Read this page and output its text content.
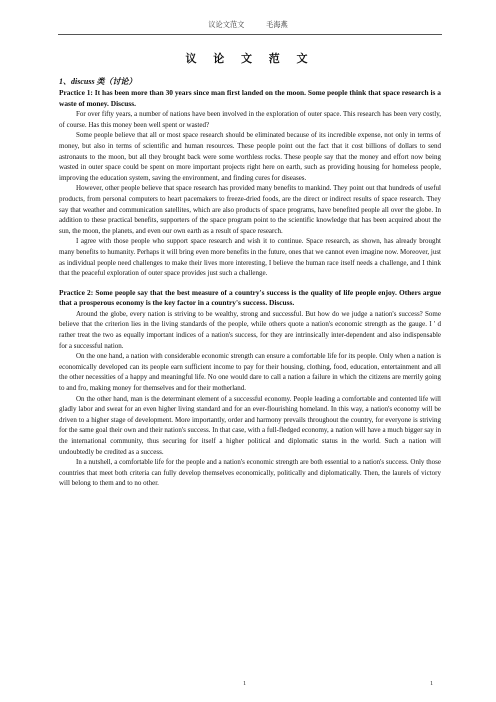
议论文范文	毛海燕
议 论 文 范 文
1、discuss 类（讨论）
Practice 1: It has been more than 30 years since man first landed on the moon. Some people think that space research is a waste of money. Discuss.

For over fifty years, a number of nations have been involved in the exploration of outer space. This research has been very costly, of course. Has this money been well spent or wasted?

Some people believe that all or most space research should be eliminated because of its incredible expense, not only in terms of money, but also in terms of scientific and human resources. These people point out the fact that it cost billions of dollars to send astronauts to the moon, but all they brought back were some worthless rocks. These people say that the money and effort now being wasted in outer space could be spent on more important projects right here on earth, such as providing housing for homeless people, improving the education system, saving the environment, and finding cures for diseases.

However, other people believe that space research has provided many benefits to mankind. They point out that hundreds of useful products, from personal computers to heart pacemakers to freeze-dried foods, are the direct or indirect results of space research. They say that weather and communication satellites, which are also products of space programs, have benefited people all over the globe. In addition to these practical benefits, supporters of the space program point to the scientific knowledge that has been acquired about the sun, the moon, the planets, and even our own earth as a result of space research.

I agree with those people who support space research and wish it to continue. Space research, as shown, has already brought many benefits to humanity. Perhaps it will bring even more benefits in the future, ones that we cannot even imagine now. Moreover, just as individual people need challenges to make their lives more interesting, I believe the human race itself needs a challenge, and I think that the peaceful exploration of outer space provides just such a challenge.

Practice 2: Some people say that the best measure of a country's success is the quality of life people enjoy. Others argue that a prosperous economy is the key factor in a country's success. Discuss.

Around the globe, every nation is striving to be wealthy, strong and successful. But how do we judge a nation's success? Some believe that the criterion lies in the living standards of the people, while others quote a nation's economic strength as the gauge. I ' d rather treat the two as equally important indices of a nation's success, for they are intrinsically inter-dependent and also indispensable for a successful nation.

On the one hand, a nation with considerable economic strength can ensure a comfortable life for its people. Only when a nation is economically developed can its people earn sufficient income to pay for their housing, clothing, food, education, entertainment and all the other necessities of a happy and meaningful life. No one would dare to call a nation a failure in which the citizens are merrily going to and fro, making money for themselves and for their motherland.

On the other hand, man is the determinant element of a successful economy. People leading a comfortable and contented life will gladly labor and sweat for an even higher living standard and for an ever-flourishing homeland. In this way, a nation's economy will be driven to a higher stage of development. More importantly, order and harmony prevails throughout the country, for everyone is striving for the same goal their own and their nation's success. In that case, with a full-fledged economy, a nation will have a much bigger say in the international community, thus securing for itself a higher political and diplomatic status in the world. Such a nation will undoubtedly be credited as a success.

In a nutshell, a comfortable life for the people and a nation's economic strength are both essential to a nation's success. Only those countries that meet both criteria can fully develop themselves economically, politically and diplomatically. Then, the laurels of victory will belong to them and to no other.

1	1
